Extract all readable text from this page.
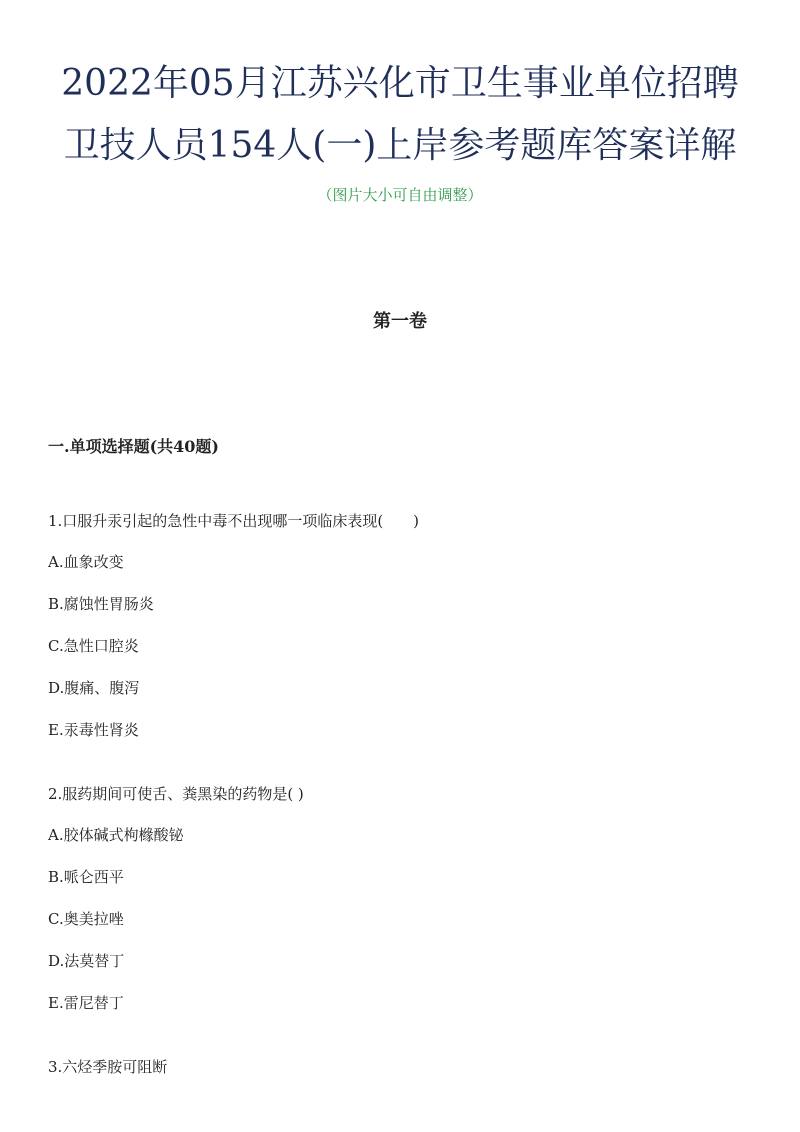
2022年05月江苏兴化市卫生事业单位招聘
卫技人员154人(一)上岸参考题库答案详解
（图片大小可自由调整）
第一卷
一.单项选择题(共40题)
1.口服升汞引起的急性中毒不出现哪一项临床表现(　　)
A.血象改变
B.腐蚀性胃肠炎
C.急性口腔炎
D.腹痛、腹泻
E.汞毒性肾炎
2.服药期间可使舌、粪黑染的药物是( )
A.胶体碱式枸橼酸铋
B.哌仑西平
C.奥美拉唑
D.法莫替丁
E.雷尼替丁
3.六烃季胺可阻断
